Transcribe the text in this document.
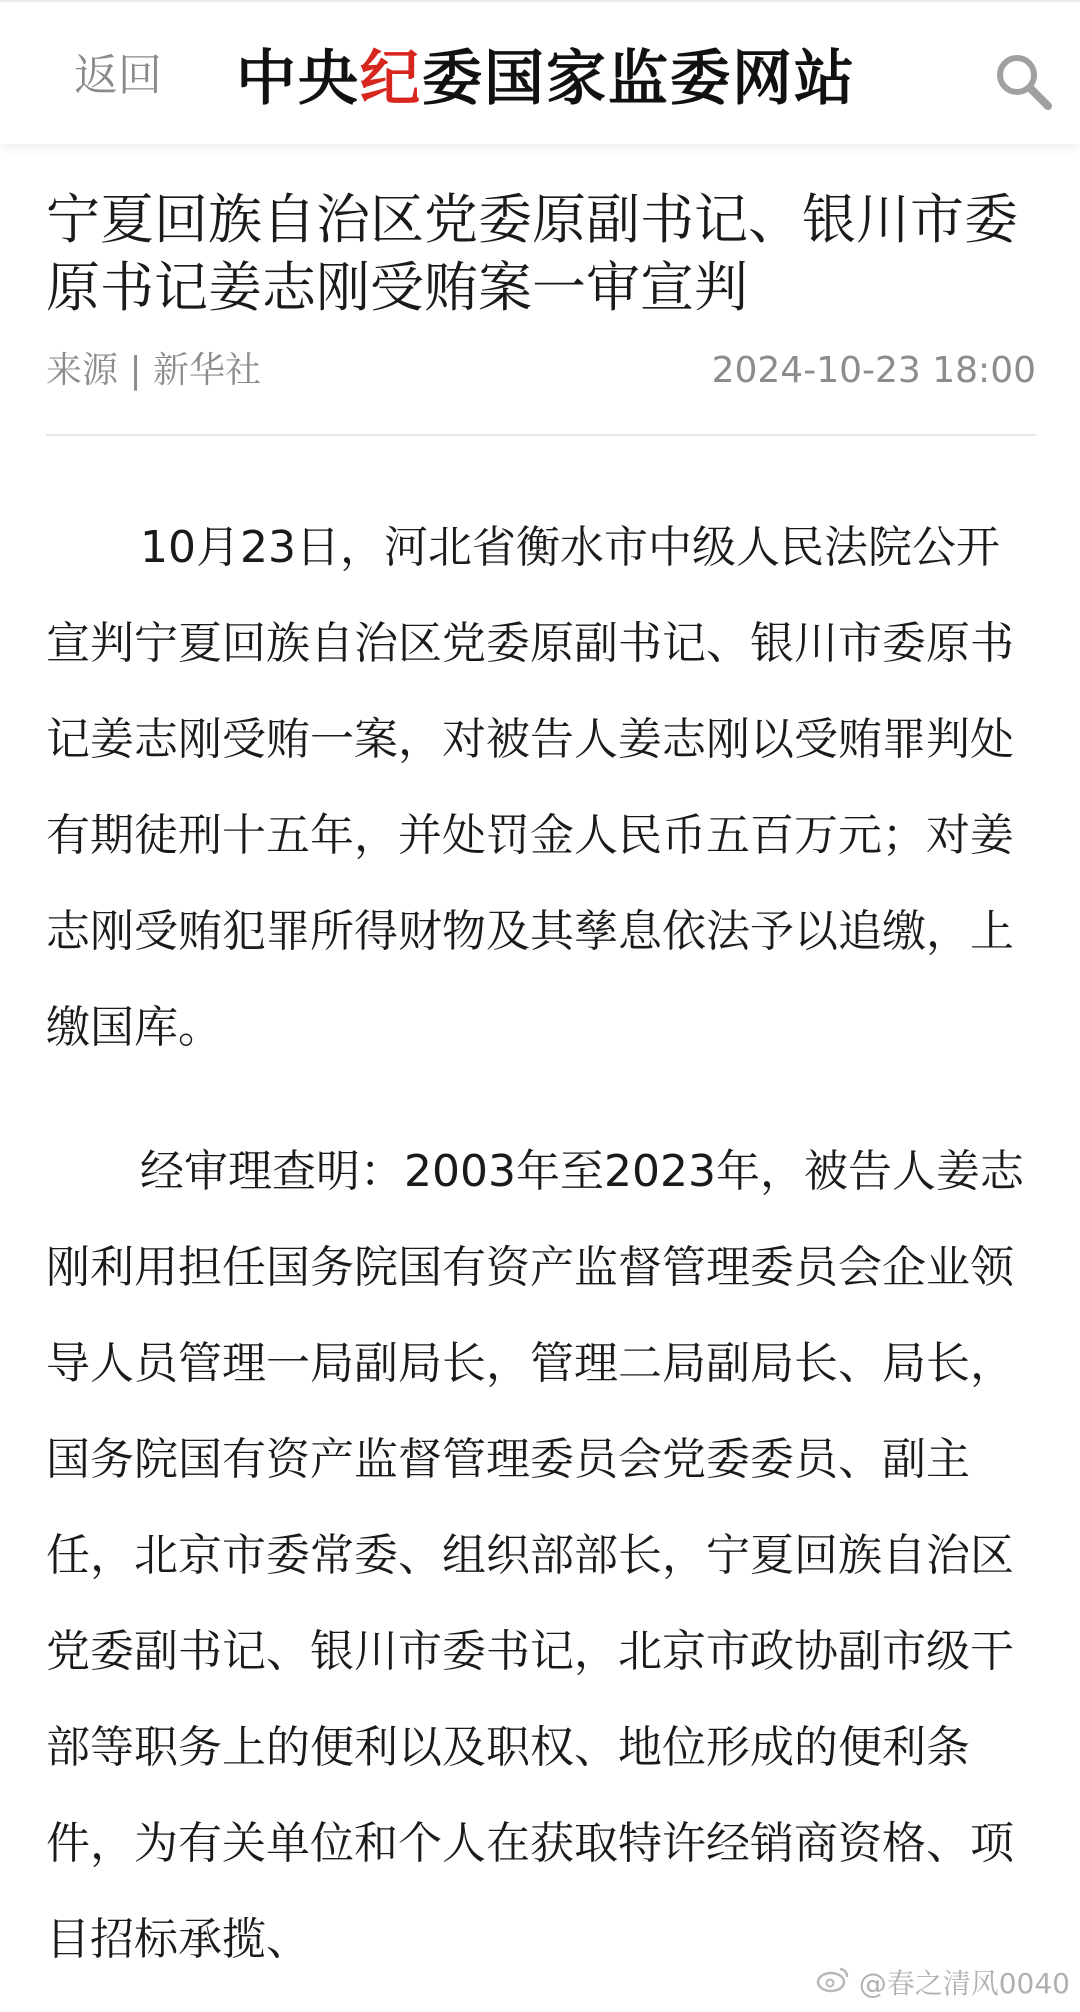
返回 中央纪委国家监委网站
宁夏回族自治区党委原副书记、银川市委原书记姜志刚受贿案一审宣判
来源 | 新华社	2024-10-23 18:00

10月23日，河北省衡水市中级人民法院公开宣判宁夏回族自治区党委原副书记、银川市委原书记姜志刚受贿一案，对被告人姜志刚以受贿罪判处有期徒刑十五年，并处罚金人民币五百万元；对姜志刚受贿犯罪所得财物及其孳息依法予以追缴，上缴国库。

经审理查明：2003年至2023年，被告人姜志刚利用担任国务院国有资产监督管理委员会企业领导人员管理一局副局长，管理二局副局长、局长，国务院国有资产监督管理委员会党委委员、副主任，北京市委常委、组织部部长，宁夏回族自治区党委副书记、银川市委书记，北京市政协副市级干部等职务上的便利以及职权、地位形成的便利条件，为有关单位和个人在获取特许经销商资格、项目招标承揽、

@春之清风0040
